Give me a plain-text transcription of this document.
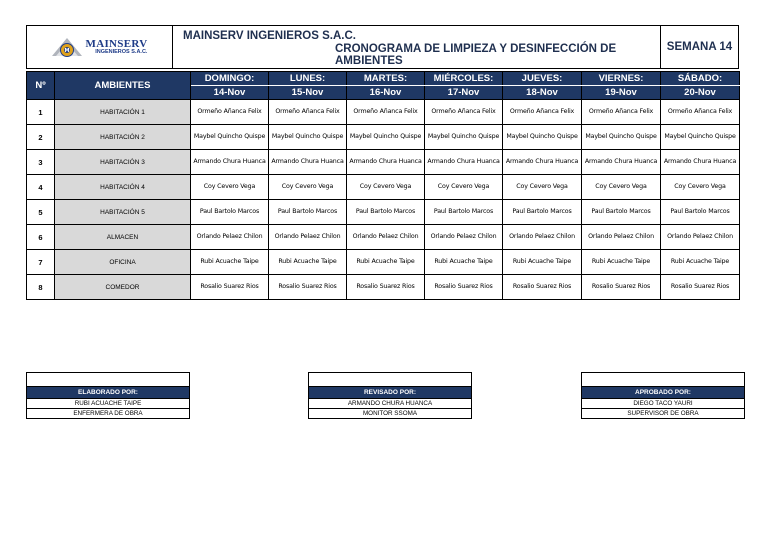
M
MAINSERV
INGENIEROS S.A.C.
MAINSERV INGENIEROS S.A.C.
CRONOGRAMA DE LIMPIEZA Y DESINFECCIÓN DE AMBIENTES
SEMANA 14
Nº	AMBIENTES	DOMINGO:	LUNES:	MARTES:	MIÉRCOLES:	JUEVES:	VIERNES:	SÁBADO:
		14-Nov	15-Nov	16-Nov	17-Nov	18-Nov	19-Nov	20-Nov
1	HABITACIÓN 1	Ormeño Añanca Felix	Ormeño Añanca Felix	Ormeño Añanca Felix	Ormeño Añanca Felix	Ormeño Añanca Felix	Ormeño Añanca Felix	Ormeño Añanca Felix
2	HABITACIÓN 2	Maybel Quincho Quispe	Maybel Quincho Quispe	Maybel Quincho Quispe	Maybel Quincho Quispe	Maybel Quincho Quispe	Maybel Quincho Quispe	Maybel Quincho Quispe
3	HABITACIÓN 3	Armando Chura Huanca	Armando Chura Huanca	Armando Chura Huanca	Armando Chura Huanca	Armando Chura Huanca	Armando Chura Huanca	Armando Chura Huanca
4	HABITACIÓN 4	Coy Cevero Vega	Coy Cevero Vega	Coy Cevero Vega	Coy Cevero Vega	Coy Cevero Vega	Coy Cevero Vega	Coy Cevero Vega
5	HABITACIÓN 5	Paul Bartolo Marcos	Paul Bartolo Marcos	Paul Bartolo Marcos	Paul Bartolo Marcos	Paul Bartolo Marcos	Paul Bartolo Marcos	Paul Bartolo Marcos
6	ALMACEN	Orlando Pelaez Chilon	Orlando Pelaez Chilon	Orlando Pelaez Chilon	Orlando Pelaez Chilon	Orlando Pelaez Chilon	Orlando Pelaez Chilon	Orlando Pelaez Chilon
7	OFICINA	Rubi Acuache Taipe	Rubi Acuache Taipe	Rubi Acuache Taipe	Rubi Acuache Taipe	Rubi Acuache Taipe	Rubi Acuache Taipe	Rubi Acuache Taipe
8	COMEDOR	Rosalio Suarez Rios	Rosalio Suarez Rios	Rosalio Suarez Rios	Rosalio Suarez Rios	Rosalio Suarez Rios	Rosalio Suarez Rios	Rosalio Suarez Rios
ELABORADO POR:
RUBI ACUACHE TAIPE
ENFERMERA DE OBRA
REVISADO POR:
ARMANDO CHURA HUANCA
MONITOR SSOMA
APROBADO POR:
DIEGO TACO YAURI
SUPERVISOR DE OBRA
